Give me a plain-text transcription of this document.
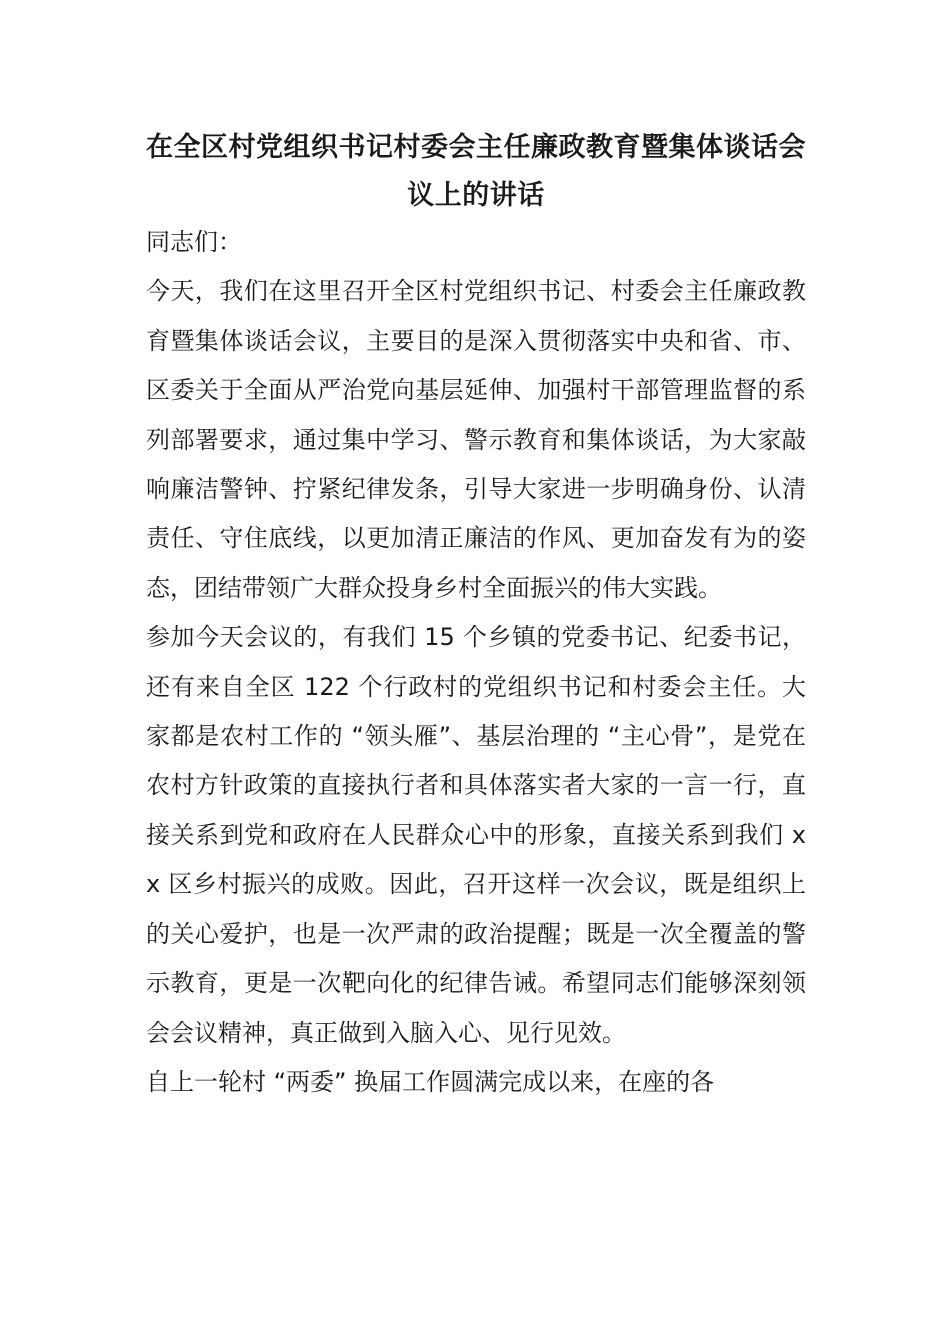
在全区村党组织书记村委会主任廉政教育暨集体谈话会议上的讲话

同志们：

今天，我们在这里召开全区村党组织书记、村委会主任廉政教育暨集体谈话会议，主要目的是深入贯彻落实中央和省、市、区委关于全面从严治党向基层延伸、加强村干部管理监督的系列部署要求，通过集中学习、警示教育和集体谈话，为大家敲响廉洁警钟、拧紧纪律发条，引导大家进一步明确身份、认清责任、守住底线，以更加清正廉洁的作风、更加奋发有为的姿态，团结带领广大群众投身乡村全面振兴的伟大实践。

参加今天会议的，有我们 15 个乡镇的党委书记、纪委书记，还有来自全区 122 个行政村的党组织书记和村委会主任。大家都是农村工作的 “领头雁”、基层治理的 “主心骨”，是党在农村方针政策的直接执行者和具体落实者大家的一言一行，直接关系到党和政府在人民群众心中的形象，直接关系到我们 xx 区乡村振兴的成败。因此，召开这样一次会议，既是组织上的关心爱护，也是一次严肃的政治提醒；既是一次全覆盖的警示教育，更是一次靶向化的纪律告诫。希望同志们能够深刻领会会议精神，真正做到入脑入心、见行见效。

自上一轮村 “两委” 换届工作圆满完成以来，在座的各
